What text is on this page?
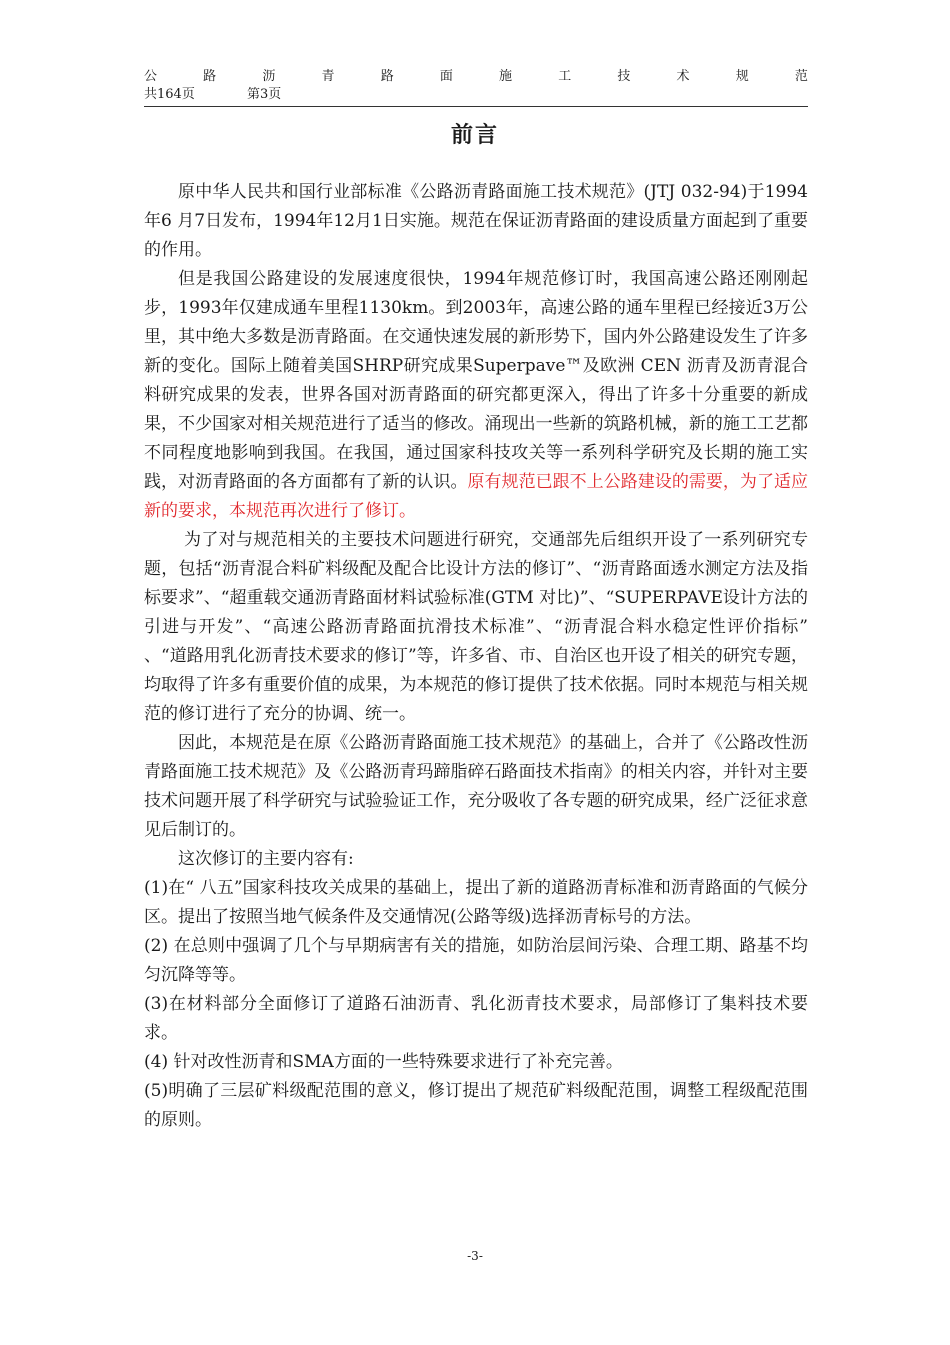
公	路	沥	青	路	面	施	工	技	术	规	范
共164页	第3页
前言

原中华人民共和国行业部标准《公路沥青路面施工技术规范》(JTJ 032-94)于1994年6 月7日发布，1994年12月1日实施。规范在保证沥青路面的建设质量方面起到了重要的作用。

但是我国公路建设的发展速度很快，1994年规范修订时，我国高速公路还刚刚起步，1993年仅建成通车里程1130km。到2003年，高速公路的通车里程已经接近3万公里，其中绝大多数是沥青路面。在交通快速发展的新形势下，国内外公路建设发生了许多新的变化。国际上随着美国SHRP研究成果Superpave™及欧洲 CEN 沥青及沥青混合料研究成果的发表，世界各国对沥青路面的研究都更深入，得出了许多十分重要的新成果，不少国家对相关规范进行了适当的修改。涌现出一些新的筑路机械，新的施工工艺都不同程度地影响到我国。在我国，通过国家科技攻关等一系列科学研究及长期的施工实践，对沥青路面的各方面都有了新的认识。原有规范已跟不上公路建设的需要，为了适应新的要求，本规范再次进行了修订。

为了对与规范相关的主要技术问题进行研究，交通部先后组织开设了一系列研究专题，包括“沥青混合料矿料级配及配合比设计方法的修订”、“沥青路面透水测定方法及指标要求”、“超重载交通沥青路面材料试验标准(GTM 对比)”、“SUPERPAVE设计方法的引进与开发”、“高速公路沥青路面抗滑技术标准”、“沥青混合料水稳定性评价指标” 、“道路用乳化沥青技术要求的修订”等，许多省、市、自治区也开设了相关的研究专题，均取得了许多有重要价值的成果，为本规范的修订提供了技术依据。同时本规范与相关规范的修订进行了充分的协调、统一。

因此，本规范是在原《公路沥青路面施工技术规范》的基础上，合并了《公路改性沥青路面施工技术规范》及《公路沥青玛蹄脂碎石路面技术指南》的相关内容，并针对主要技术问题开展了科学研究与试验验证工作，充分吸收了各专题的研究成果，经广泛征求意见后制订的。

这次修订的主要内容有:

(1)在“ 八五”国家科技攻关成果的基础上，提出了新的道路沥青标准和沥青路面的气候分区。提出了按照当地气候条件及交通情况(公路等级)选择沥青标号的方法。

(2) 在总则中强调了几个与早期病害有关的措施，如防治层间污染、合理工期、路基不均匀沉降等等。

(3)在材料部分全面修订了道路石油沥青、乳化沥青技术要求，局部修订了集料技术要求。

(4) 针对改性沥青和SMA方面的一些特殊要求进行了补充完善。

(5)明确了三层矿料级配范围的意义，修订提出了规范矿料级配范围，调整工程级配范围的原则。

-3-
